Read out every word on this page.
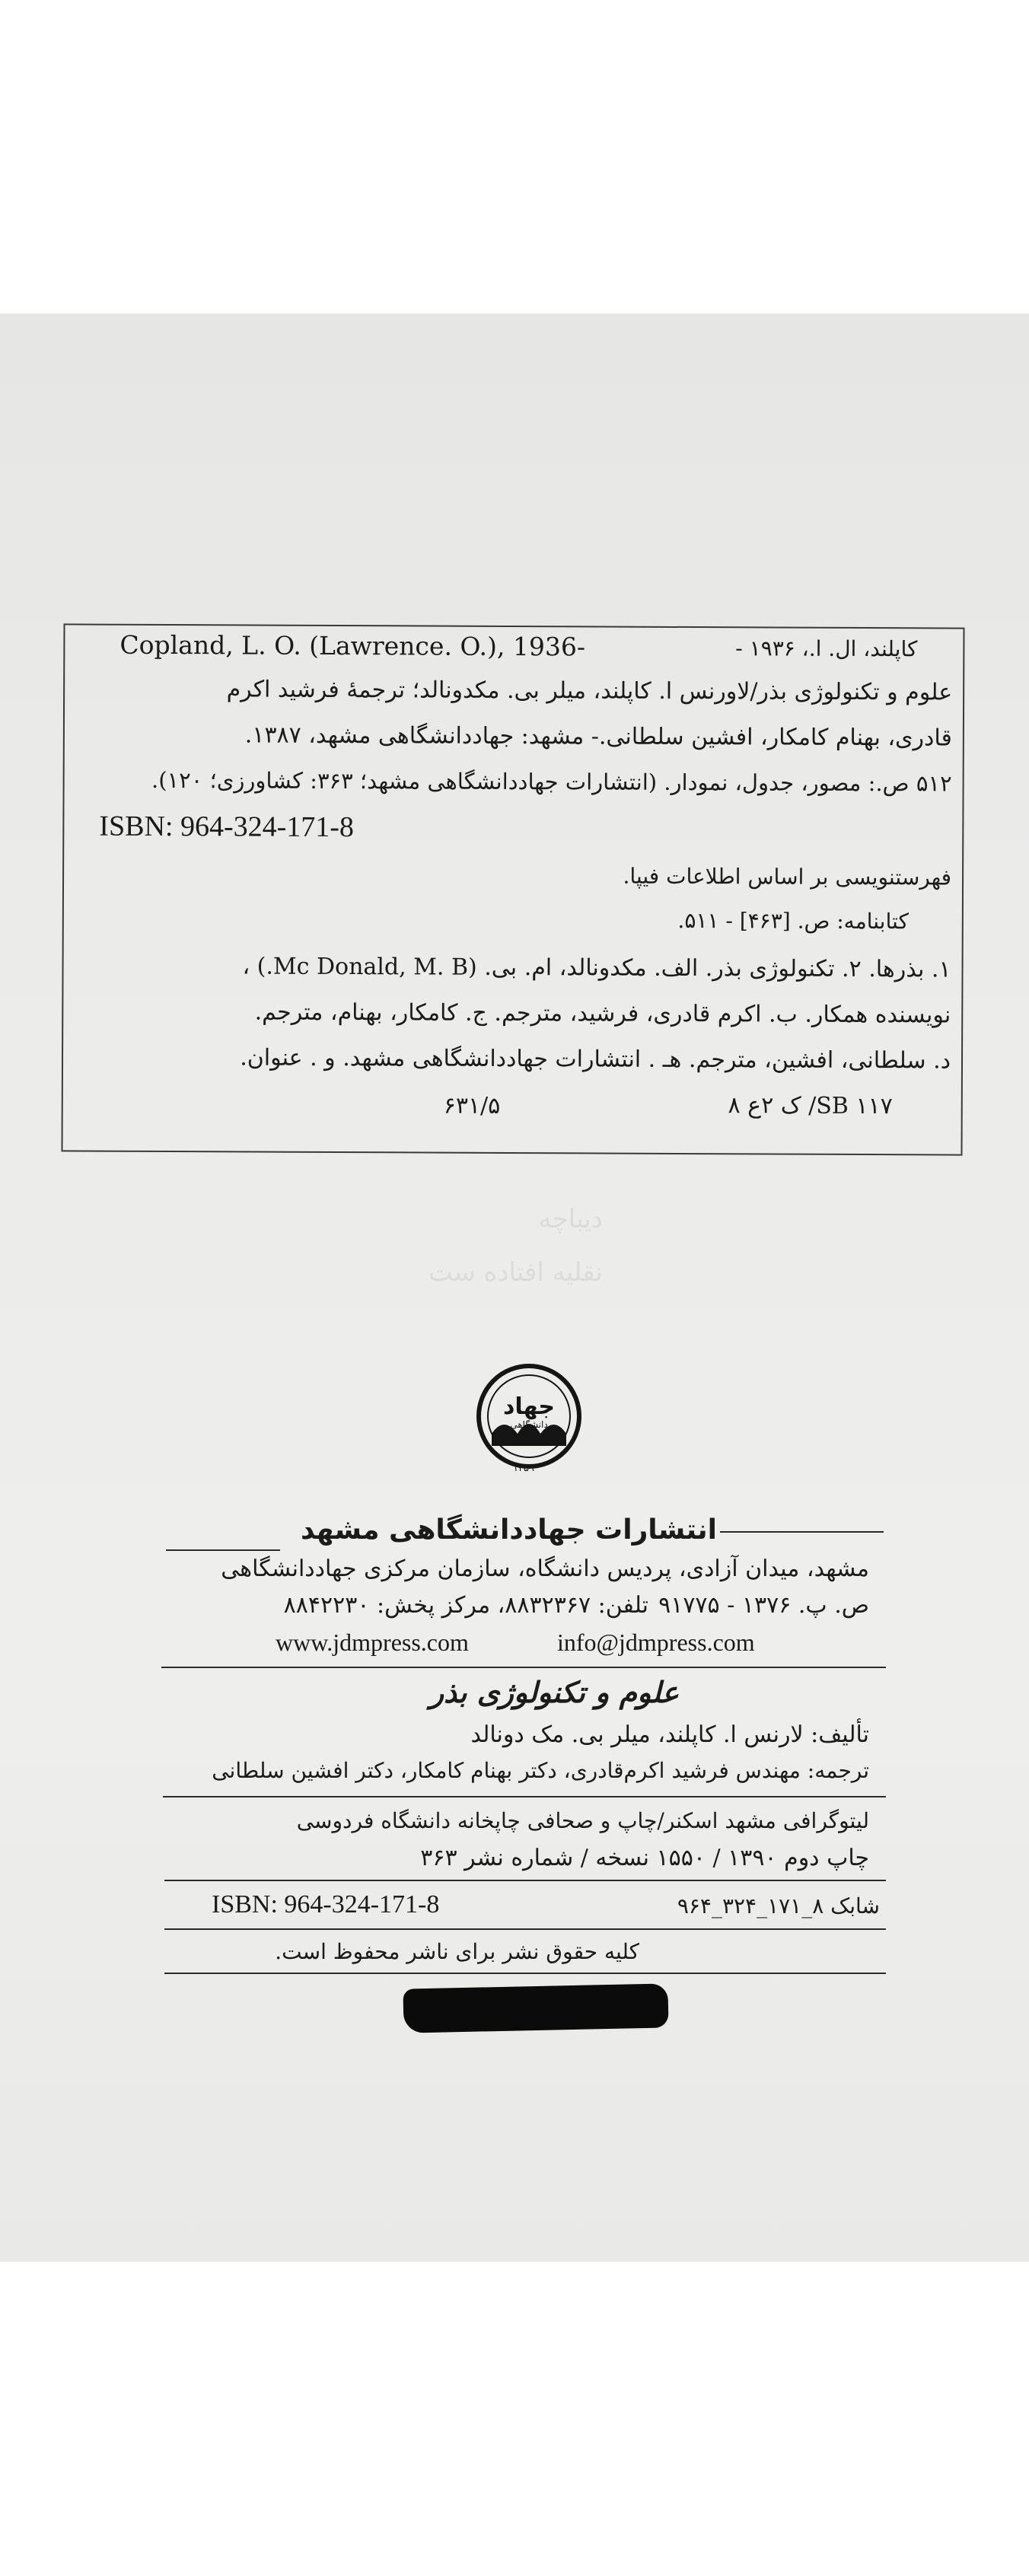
دیباچه
نقلیه افتاده ست
Copland, L. O. (Lawrence. O.), 1936-	کاپلند، ال. ا.، ۱۹۳۶ -
علوم و تکنولوژی بذر/لاورنس ا. کاپلند، میلر بی. مکدونالد؛ ترجمهٔ فرشید اکرم
قادری، بهنام کامکار، افشین سلطانی.- مشهد: جهاددانشگاهی مشهد، ۱۳۸۷.
۵۱۲ ص.: مصور، جدول، نمودار. (انتشارات جهاددانشگاهی مشهد؛ ۳۶۳: کشاورزی؛ ۱۲۰).
ISBN: 964-324-171-8
فهرستنویسی بر اساس اطلاعات فیپا.
کتابنامه: ص. [۴۶۳] - ۵۱۱.
۱. بذرها. ۲. تکنولوژی بذر. الف. مکدونالد، ام. بی. (Mc Donald, M. B.) ،
نویسنده همکار. ب. اکرم قادری، فرشید، مترجم. ج. کامکار، بهنام، مترجم.
د. سلطانی، افشین، مترجم. هـ . انتشارات جهاددانشگاهی مشهد. و . عنوان.
SB ۱۱۷/ ک ۲ع ۸
۶۳۱/۵
جهاد
دانشگاهی
۱۳۵۹
انتشارات جهاددانشگاهی مشهد
مشهد، میدان آزادی، پردیس دانشگاه، سازمان مرکزی جهاددانشگاهی
ص. پ. ۱۳۷۶ - ۹۱۷۷۵
تلفن: ۸۸۳۲۳۶۷، مرکز پخش: ۸۸۴۲۲۳۰
www.jdmpress.com	info@jdmpress.com
علوم و تکنولوژی بذر
تألیف: لارنس ا. کاپلند، میلر بی. مک دونالد
ترجمه: مهندس فرشید اکرم‌قادری، دکتر بهنام کامکار، دکتر افشین سلطانی
لیتوگرافی مشهد اسکنر/چاپ و صحافی چاپخانه دانشگاه فردوسی
چاپ دوم ۱۳۹۰ / ۱۵۵۰ نسخه / شماره نشر ۳۶۳
ISBN: 964-324-171-8	شابک ۸_۱۷۱_۳۲۴_۹۶۴
کلیه حقوق نشر برای ناشر محفوظ است.
